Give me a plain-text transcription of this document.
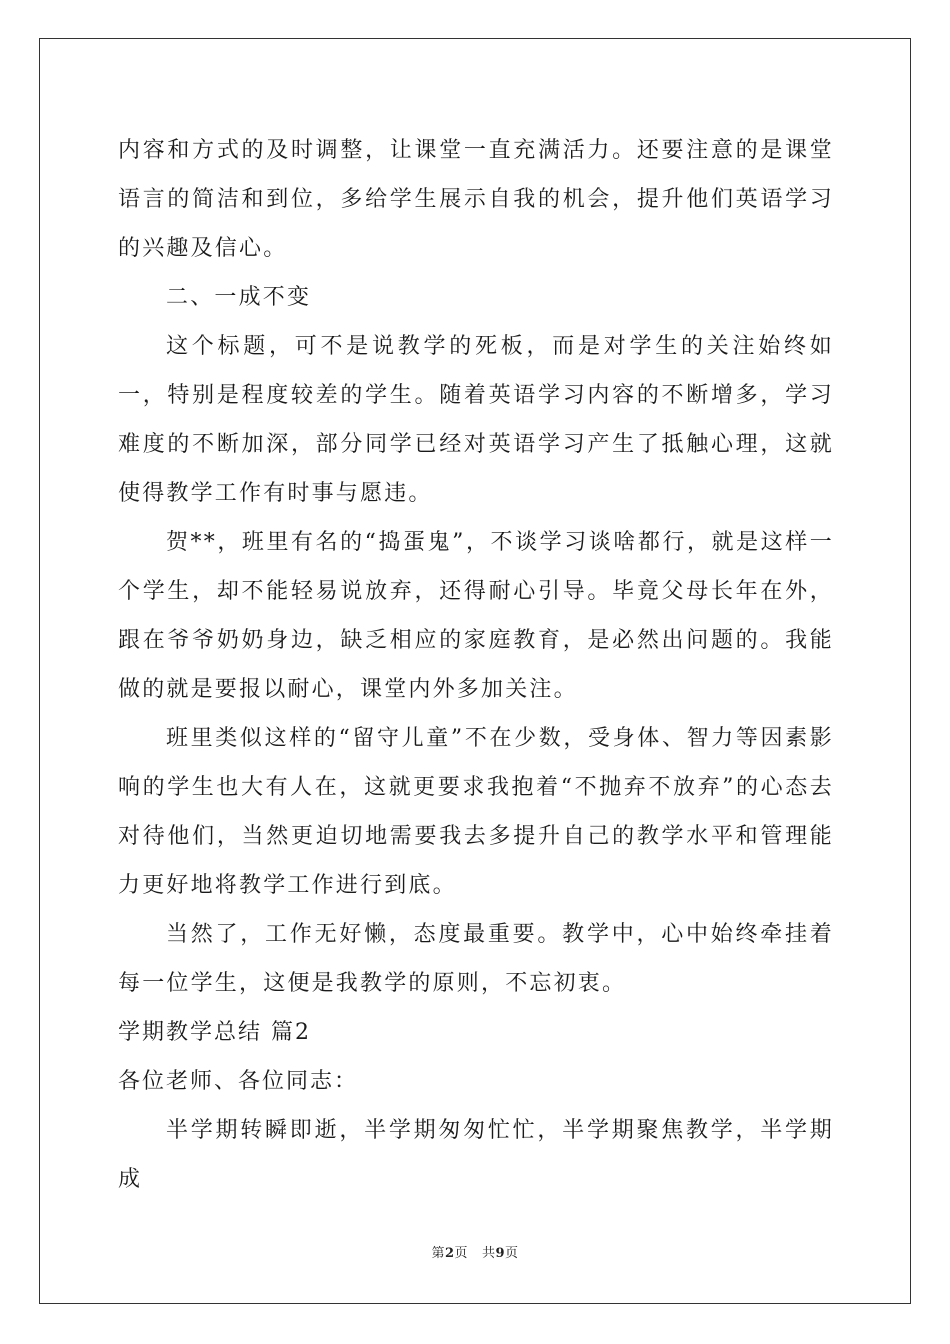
内容和方式的及时调整，让课堂一直充满活力。还要注意的是课堂语言的简洁和到位，多给学生展示自我的机会，提升他们英语学习的兴趣及信心。

二、一成不变

这个标题，可不是说教学的死板，而是对学生的关注始终如一，特别是程度较差的学生。随着英语学习内容的不断增多，学习难度的不断加深，部分同学已经对英语学习产生了抵触心理，这就使得教学工作有时事与愿违。

贺**，班里有名的“捣蛋鬼”，不谈学习谈啥都行，就是这样一个学生，却不能轻易说放弃，还得耐心引导。毕竟父母长年在外，跟在爷爷奶奶身边，缺乏相应的家庭教育，是必然出问题的。我能做的就是要报以耐心，课堂内外多加关注。

班里类似这样的“留守儿童”不在少数，受身体、智力等因素影响的学生也大有人在，这就更要求我抱着“不抛弃不放弃”的心态去对待他们，当然更迫切地需要我去多提升自己的教学水平和管理能力更好地将教学工作进行到底。

当然了，工作无好懒，态度最重要。教学中，心中始终牵挂着每一位学生，这便是我教学的原则，不忘初衷。

学期教学总结 篇2

各位老师、各位同志：

半学期转瞬即逝，半学期匆匆忙忙，半学期聚焦教学，半学期成

第2页   共9页
